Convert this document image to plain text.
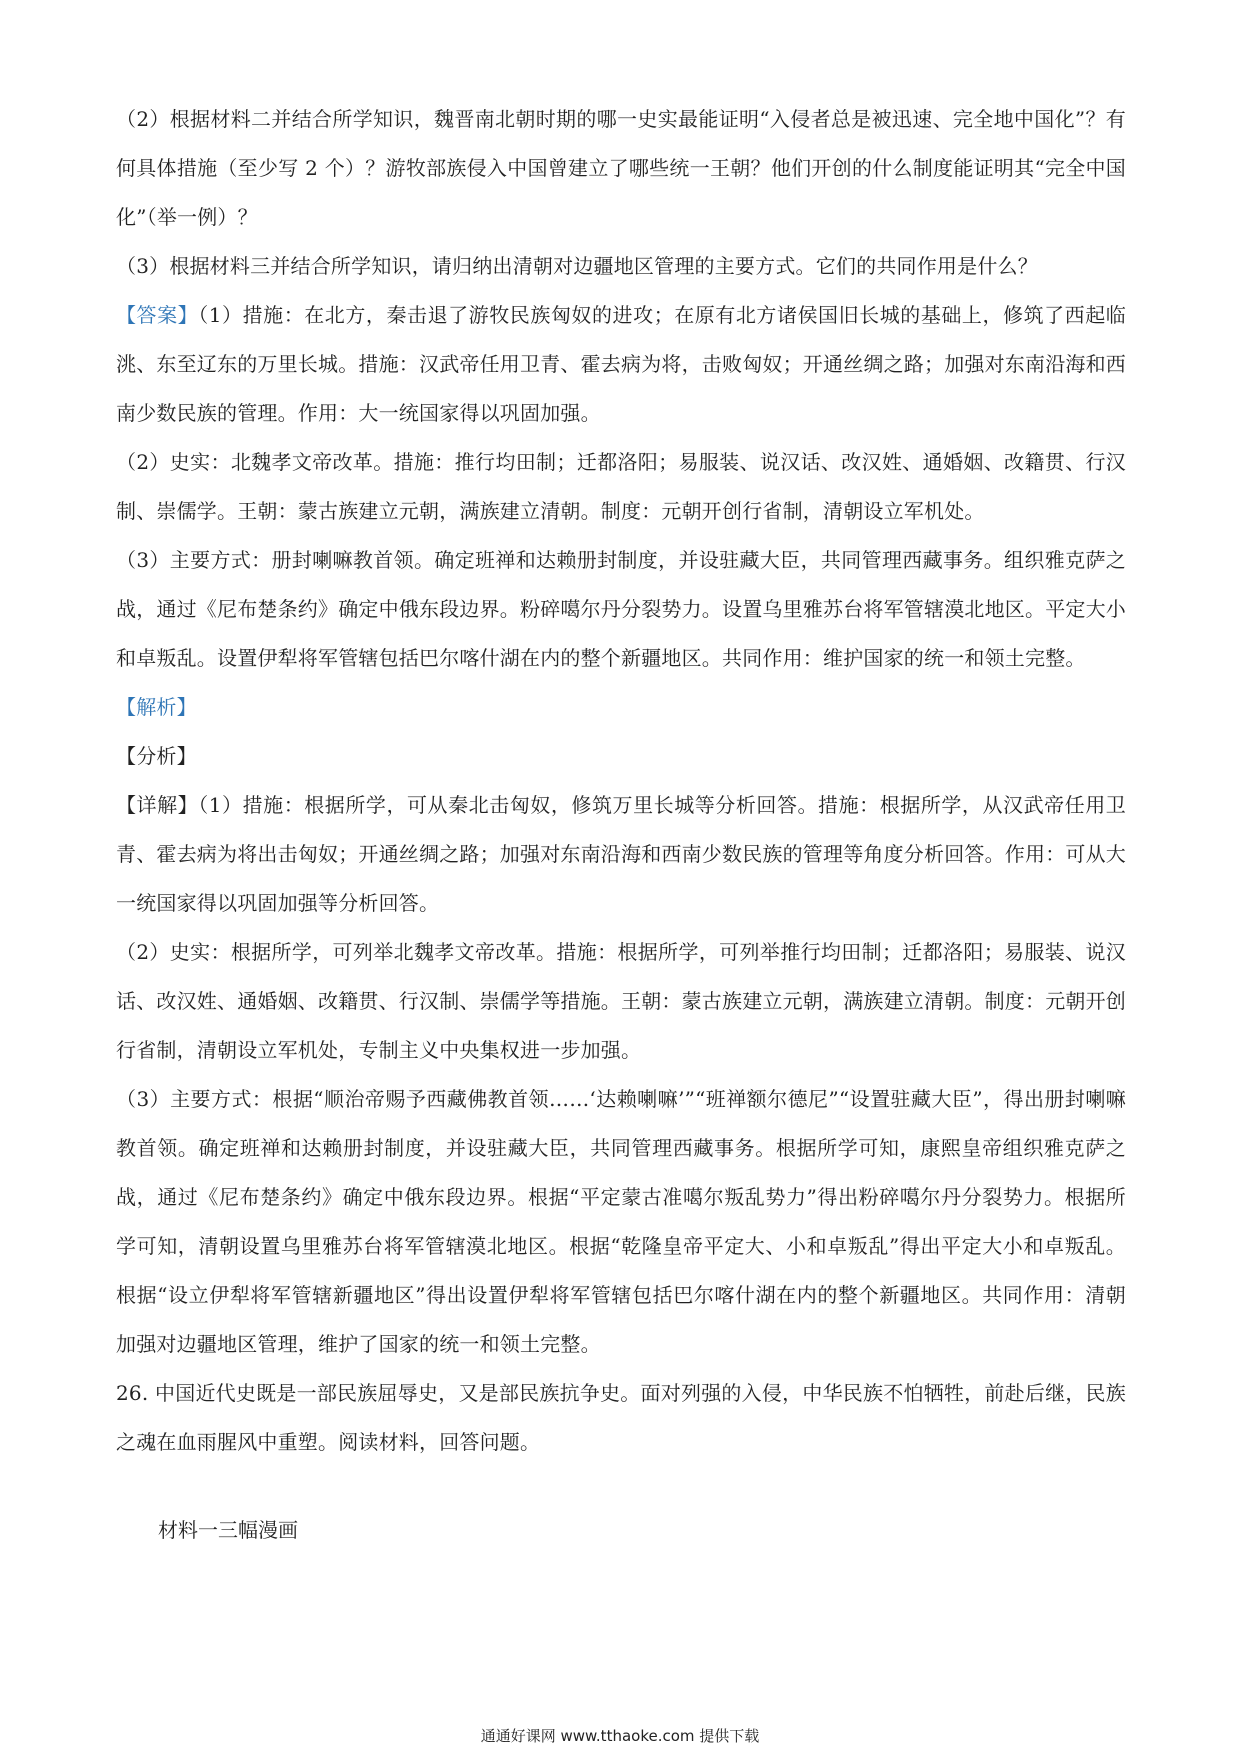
（2）根据材料二并结合所学知识，魏晋南北朝时期的哪一史实最能证明“入侵者总是被迅速、完全地中国化”？有何具体措施（至少写 2 个）？游牧部族侵入中国曾建立了哪些统一王朝？他们开创的什么制度能证明其“完全中国化”（举一例）？

（3）根据材料三并结合所学知识，请归纳出清朝对边疆地区管理的主要方式。它们的共同作用是什么？

【答案】（1）措施：在北方，秦击退了游牧民族匈奴的进攻；在原有北方诸侯国旧长城的基础上，修筑了西起临洮、东至辽东的万里长城。措施：汉武帝任用卫青、霍去病为将，击败匈奴；开通丝绸之路；加强对东南沿海和西南少数民族的管理。作用：大一统国家得以巩固加强。

（2）史实：北魏孝文帝改革。措施：推行均田制；迁都洛阳；易服装、说汉话、改汉姓、通婚姻、改籍贯、行汉制、崇儒学。王朝：蒙古族建立元朝，满族建立清朝。制度：元朝开创行省制，清朝设立军机处。

（3）主要方式：册封喇嘛教首领。确定班禅和达赖册封制度，并设驻藏大臣，共同管理西藏事务。组织雅克萨之战，通过《尼布楚条约》确定中俄东段边界。粉碎噶尔丹分裂势力。设置乌里雅苏台将军管辖漠北地区。平定大小和卓叛乱。设置伊犁将军管辖包括巴尔喀什湖在内的整个新疆地区。共同作用：维护国家的统一和领土完整。

【解析】

【分析】

【详解】（1）措施：根据所学，可从秦北击匈奴，修筑万里长城等分析回答。措施：根据所学，从汉武帝任用卫青、霍去病为将出击匈奴；开通丝绸之路；加强对东南沿海和西南少数民族的管理等角度分析回答。作用：可从大一统国家得以巩固加强等分析回答。

（2）史实：根据所学，可列举北魏孝文帝改革。措施：根据所学，可列举推行均田制；迁都洛阳；易服装、说汉话、改汉姓、通婚姻、改籍贯、行汉制、崇儒学等措施。王朝：蒙古族建立元朝，满族建立清朝。制度：元朝开创行省制，清朝设立军机处，专制主义中央集权进一步加强。

（3）主要方式：根据“顺治帝赐予西藏佛教首领……‘达赖喇嘛’”“班禅额尔德尼”“设置驻藏大臣”，得出册封喇嘛教首领。确定班禅和达赖册封制度，并设驻藏大臣，共同管理西藏事务。根据所学可知，康熙皇帝组织雅克萨之战，通过《尼布楚条约》确定中俄东段边界。根据“平定蒙古准噶尔叛乱势力”得出粉碎噶尔丹分裂势力。根据所学可知，清朝设置乌里雅苏台将军管辖漠北地区。根据“乾隆皇帝平定大、小和卓叛乱”得出平定大小和卓叛乱。根据“设立伊犁将军管辖新疆地区”得出设置伊犁将军管辖包括巴尔喀什湖在内的整个新疆地区。共同作用：清朝加强对边疆地区管理，维护了国家的统一和领土完整。

26. 中国近代史既是一部民族屈辱史，又是部民族抗争史。面对列强的入侵，中华民族不怕牺牲，前赴后继，民族之魂在血雨腥风中重塑。阅读材料，回答问题。

材料一三幅漫画
通通好课网 www.tthaoke.com 提供下载
